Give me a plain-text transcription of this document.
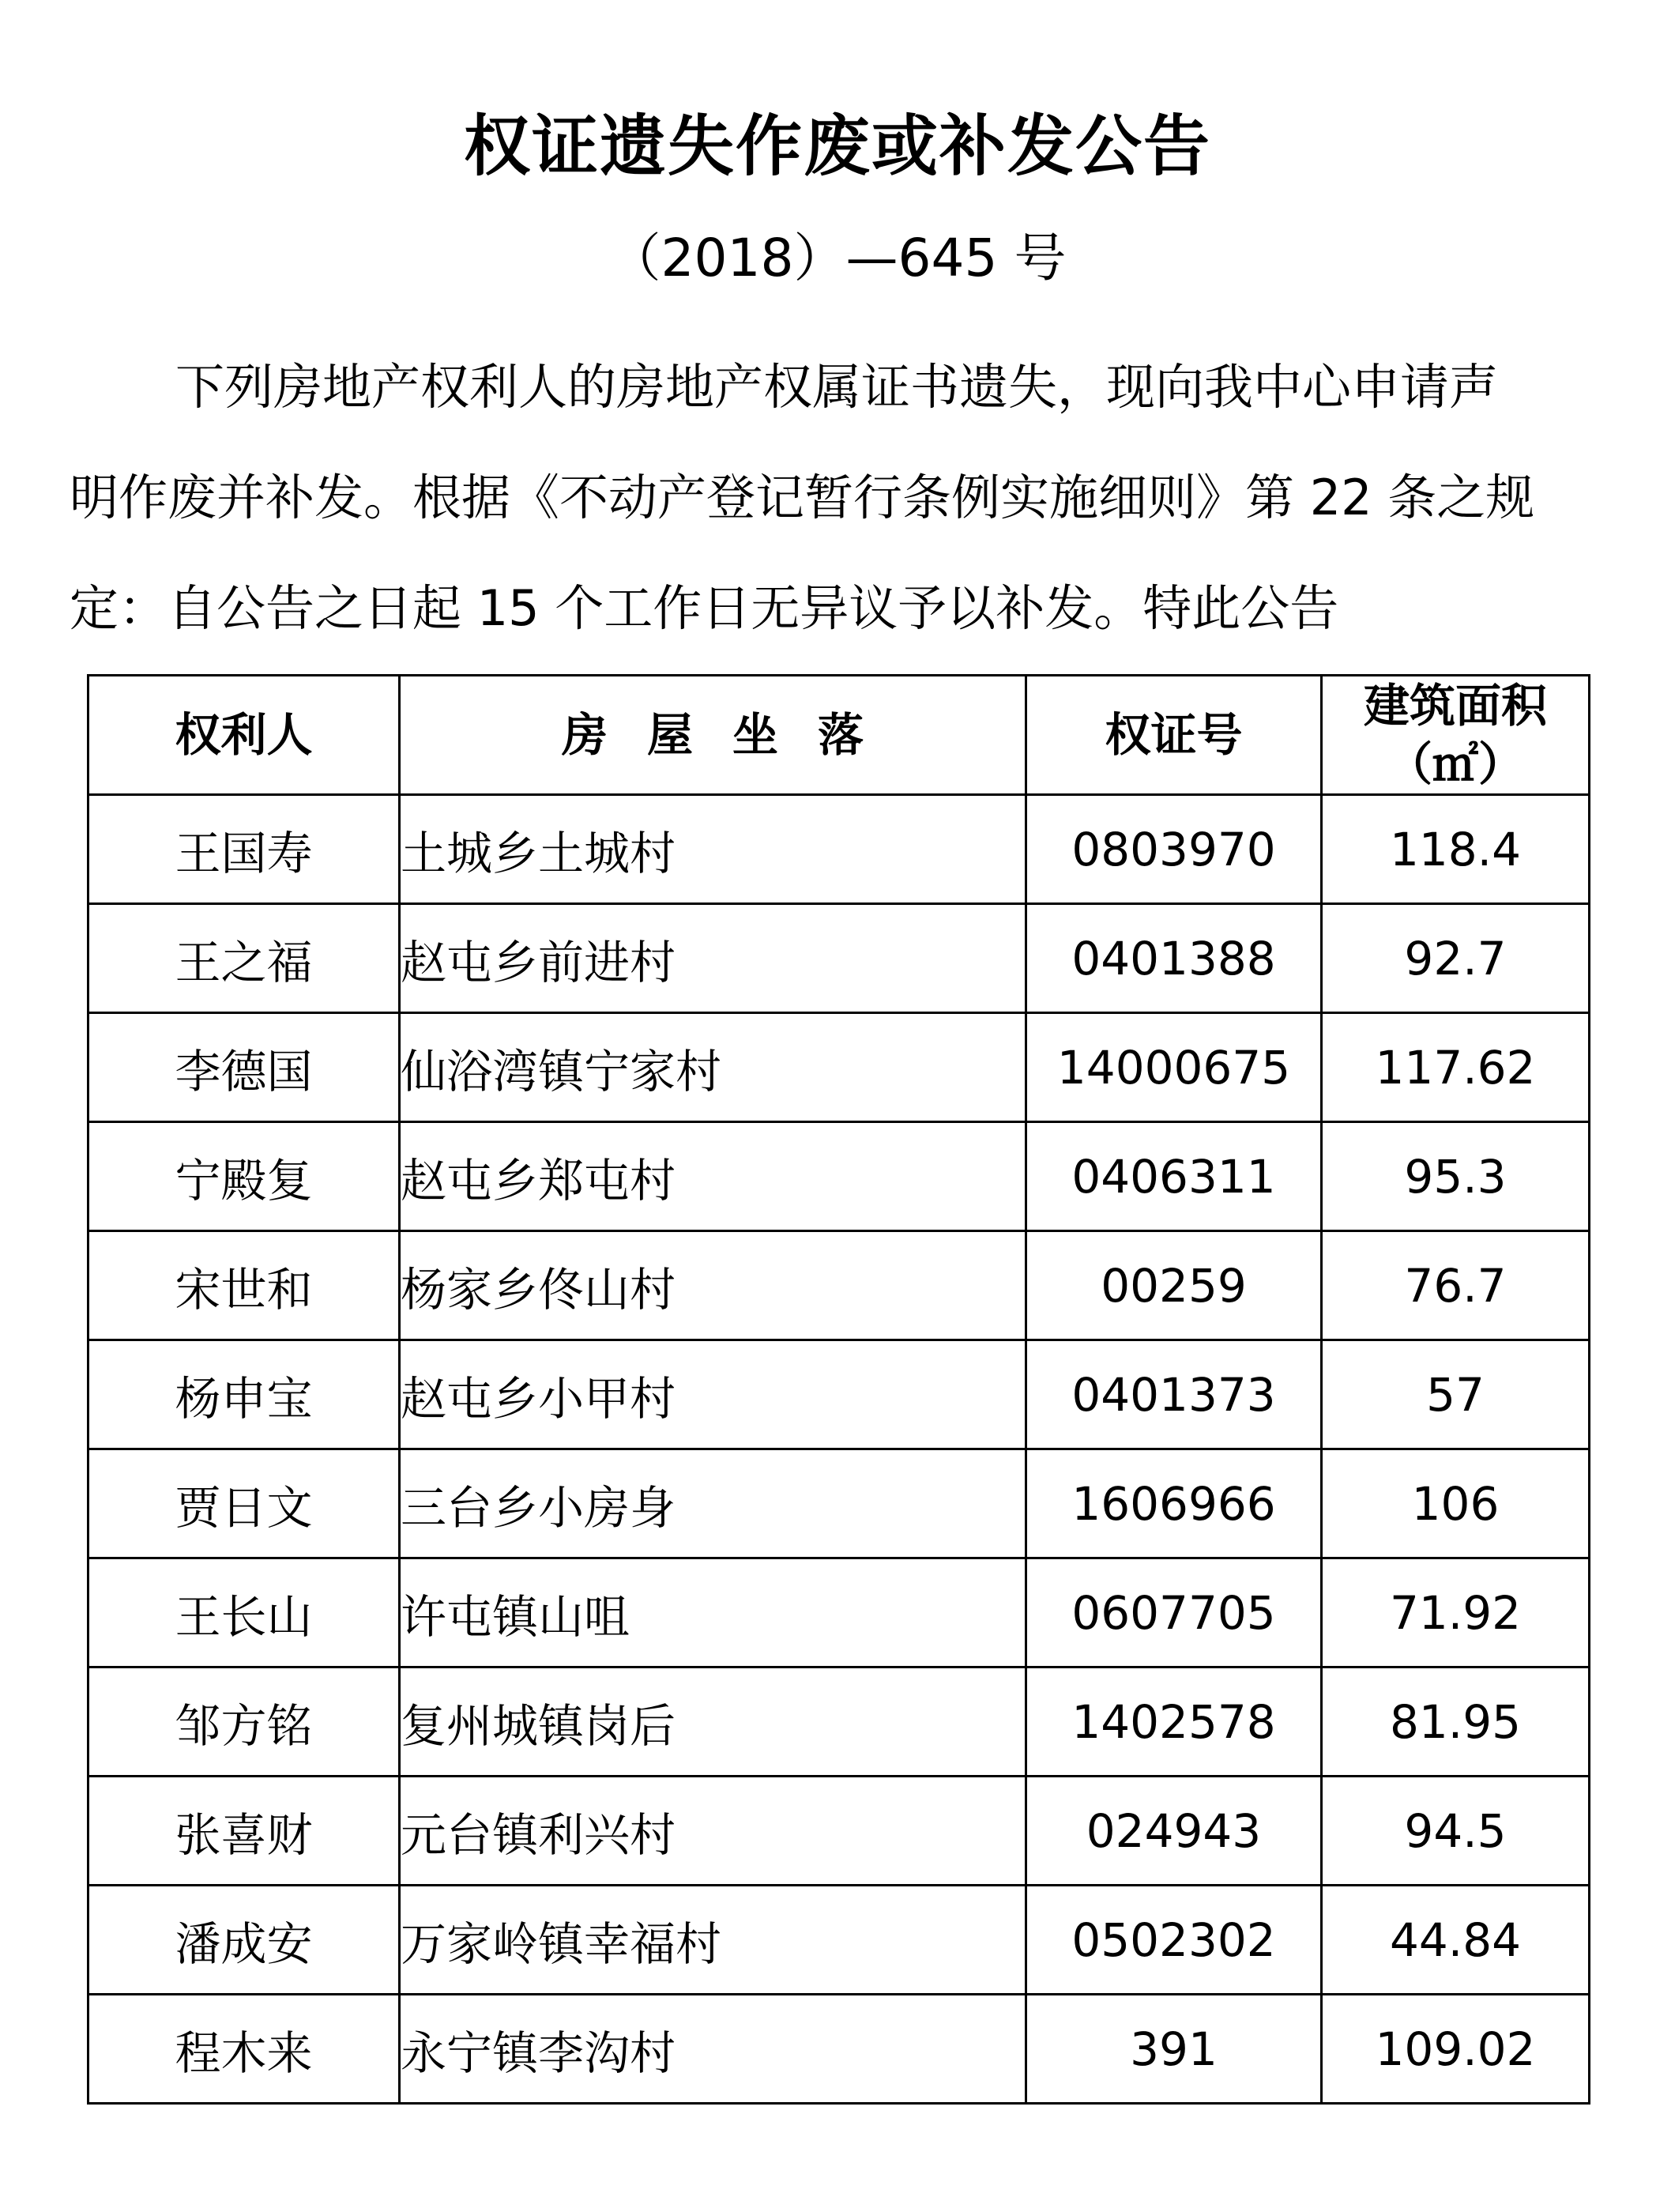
权证遗失作废或补发公告
（2018）—645 号
下列房地产权利人的房地产权属证书遗失，现向我中心申请声
明作废并补发。根据《不动产登记暂行条例实施细则》第 22 条之规
定：自公告之日起 15 个工作日无异议予以补发。特此公告
权利人	房屋坐落	权证号	建筑面积
（㎡）

王国寿	土城乡土城村	0803970	118.4
王之福	赵屯乡前进村	0401388	92.7
李德国	仙浴湾镇宁家村	14000675	117.62
宁殿复	赵屯乡郑屯村	0406311	95.3
宋世和	杨家乡佟山村	00259	76.7
杨申宝	赵屯乡小甲村	0401373	57
贾日文	三台乡小房身	1606966	106
王长山	许屯镇山咀	0607705	71.92
邹方铭	复州城镇岗后	1402578	81.95
张喜财	元台镇利兴村	024943	94.5
潘成安	万家岭镇幸福村	0502302	44.84
程木来	永宁镇李沟村	391	109.02
